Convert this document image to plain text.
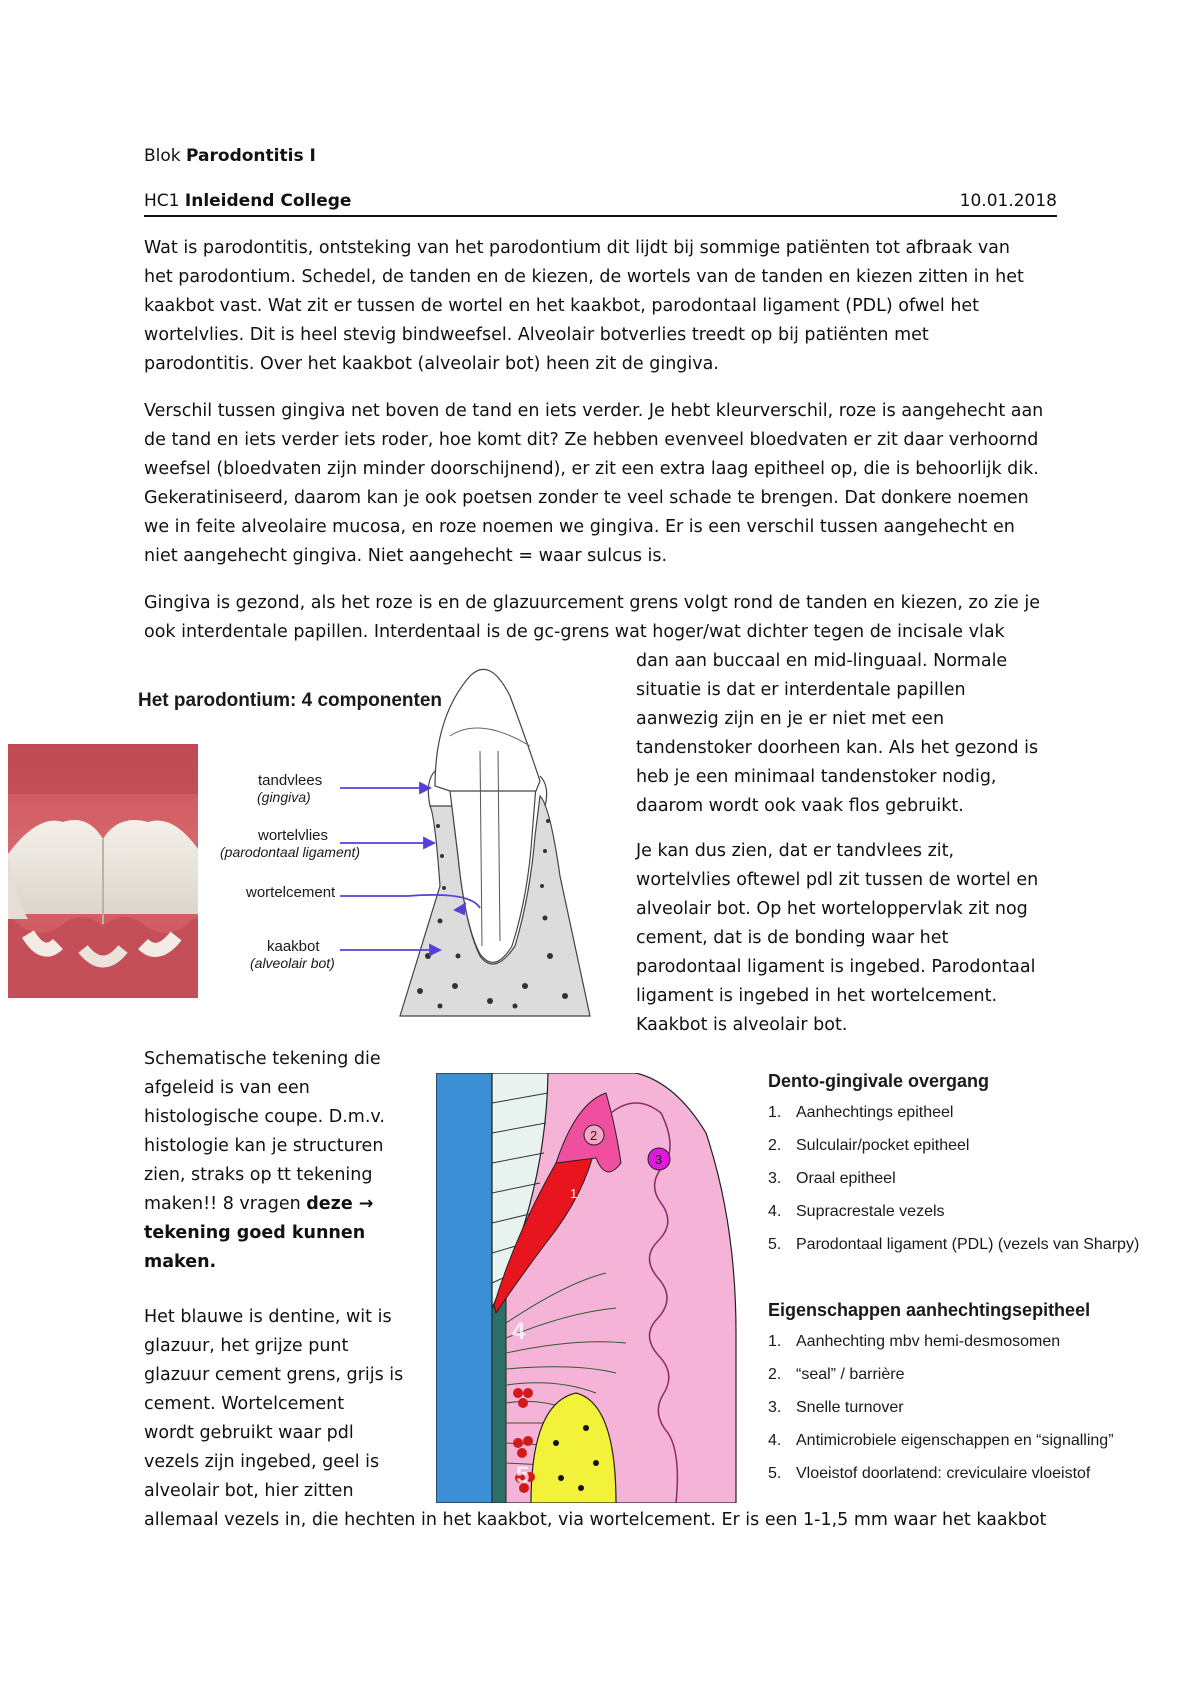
Blok Parodontitis I
HC1 Inleidend College	10.01.2018
Wat is parodontitis, ontsteking van het parodontium dit lijdt bij sommige patiënten tot afbraak van
het parodontium. Schedel, de tanden en de kiezen, de wortels van de tanden en kiezen zitten in het
kaakbot vast. Wat zit er tussen de wortel en het kaakbot, parodontaal ligament (PDL) ofwel het
wortelvlies. Dit is heel stevig bindweefsel. Alveolair botverlies treedt op bij patiënten met
parodontitis. Over het kaakbot (alveolair bot) heen zit de gingiva.
Verschil tussen gingiva net boven de tand en iets verder. Je hebt kleurverschil, roze is aangehecht aan
de tand en iets verder iets roder, hoe komt dit? Ze hebben evenveel bloedvaten er zit daar verhoornd
weefsel (bloedvaten zijn minder doorschijnend), er zit een extra laag epitheel op, die is behoorlijk dik.
Gekeratiniseerd, daarom kan je ook poetsen zonder te veel schade te brengen. Dat donkere noemen
we in feite alveolaire mucosa, en roze noemen we gingiva. Er is een verschil tussen aangehecht en
niet aangehecht gingiva. Niet aangehecht = waar sulcus is.
Gingiva is gezond, als het roze is en de glazuurcement grens volgt rond de tanden en kiezen, zo zie je
ook interdentale papillen. Interdentaal is de gc-grens wat hoger/wat dichter tegen de incisale vlak
dan aan buccaal en mid-linguaal. Normale
situatie is dat er interdentale papillen
aanwezig zijn en je er niet met een
tandenstoker doorheen kan. Als het gezond is
heb je een minimaal tandenstoker nodig,
daarom wordt ook vaak flos gebruikt.
Je kan dus zien, dat er tandvlees zit,
wortelvlies oftewel pdl zit tussen de wortel en
alveolair bot. Op het worteloppervlak zit nog
cement, dat is de bonding waar het
parodontaal ligament is ingebed. Parodontaal
ligament is ingebed in het wortelcement.
Kaakbot is alveolair bot.
Het parodontium: 4 componenten
tandvlees
(gingiva)
wortelvlies
(parodontaal ligament)
wortelcement
kaakbot
(alveolair bot)
Schematische tekening die
afgeleid is van een
histologische coupe. D.m.v.
histologie kan je structuren
zien, straks op tt tekening
maken!! 8 vragen deze →
tekening goed kunnen
maken.
Het blauwe is dentine, wit is
glazuur, het grijze punt
glazuur cement grens, grijs is
cement. Wortelcement
wordt gebruikt waar pdl
vezels zijn ingebed, geel is
alveolair bot, hier zitten
allemaal vezels in, die hechten in het kaakbot, via wortelcement. Er is een 1-1,5 mm waar het kaakbot
1
2
3
4
5
Dento-gingivale overgang
1. Aanhechtings epitheel
2. Sulculair/pocket epitheel
3. Oraal epitheel
4. Supracrestale vezels
5. Parodontaal ligament (PDL) (vezels van Sharpy)
Eigenschappen aanhechtingsepitheel
1. Aanhechting mbv hemi-desmosomen
2. “seal” / barrière
3. Snelle turnover
4. Antimicrobiele eigenschappen en “signalling”
5. Vloeistof doorlatend: creviculaire vloeistof
